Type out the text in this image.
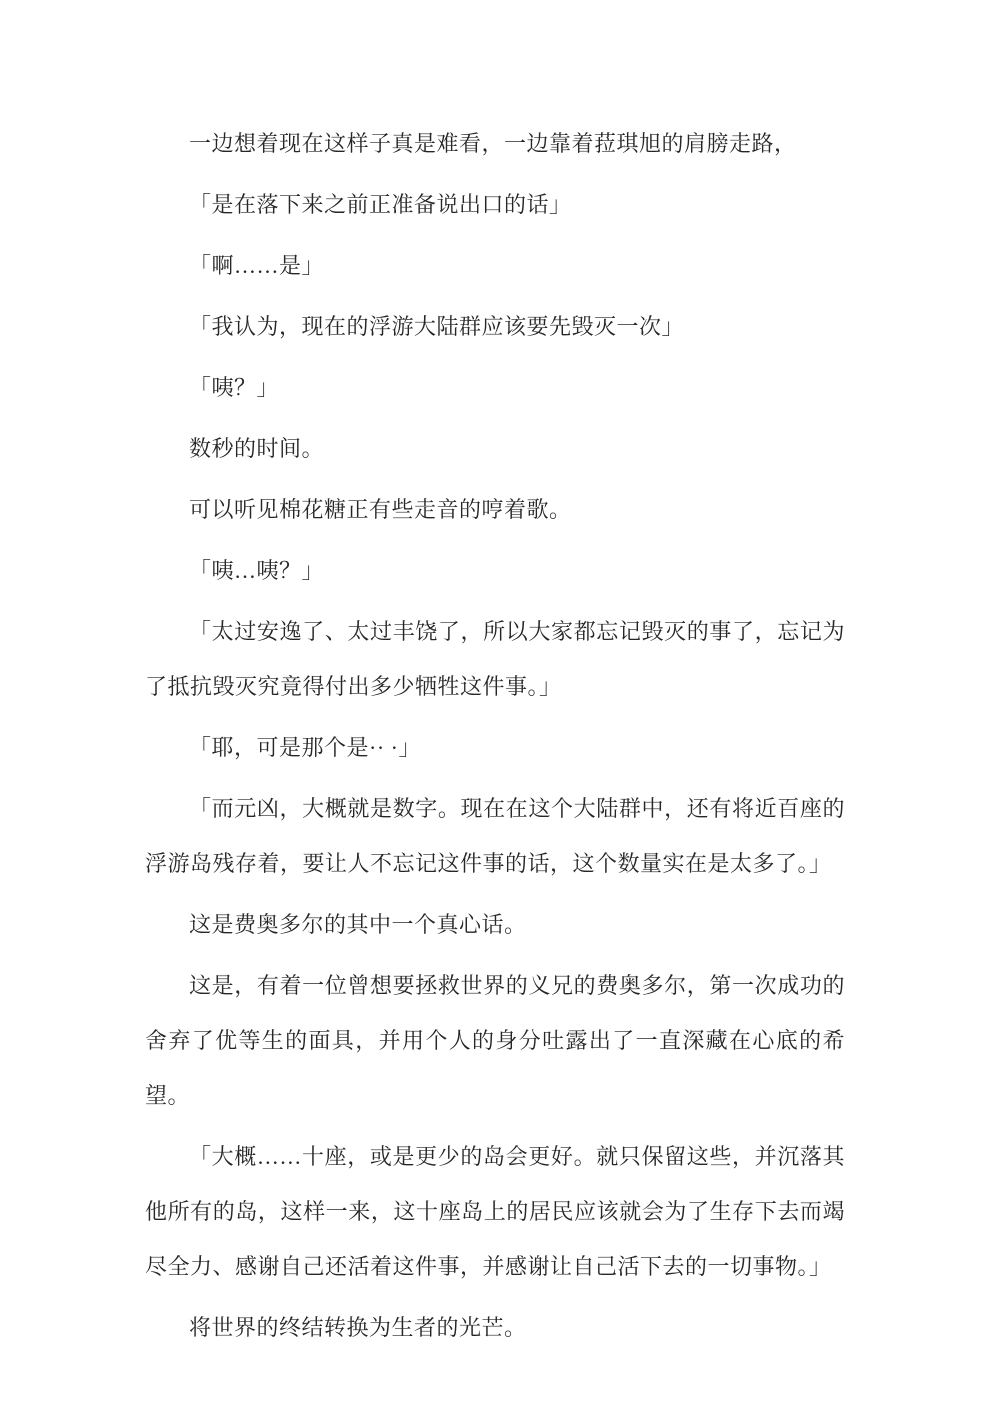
一边想着现在这样子真是难看，一边靠着菈琪旭的肩膀走路，

「是在落下来之前正准备说出口的话」

「啊……是」

「我认为，现在的浮游大陆群应该要先毁灭一次」

「咦？」

数秒的时间。

可以听见棉花糖正有些走音的哼着歌。

「咦…咦？」

「太过安逸了、太过丰饶了，所以大家都忘记毁灭的事了，忘记为了抵抗毁灭究竟得付出多少牺牲这件事。」

「耶，可是那个是·· ·」

「而元凶，大概就是数字。现在在这个大陆群中，还有将近百座的浮游岛残存着，要让人不忘记这件事的话，这个数量实在是太多了。」

这是费奥多尔的其中一个真心话。

这是，有着一位曾想要拯救世界的义兄的费奥多尔，第一次成功的舍弃了优等生的面具，并用个人的身分吐露出了一直深藏在心底的希望。

「大概……十座，或是更少的岛会更好。就只保留这些，并沉落其他所有的岛，这样一来，这十座岛上的居民应该就会为了生存下去而竭尽全力、感谢自己还活着这件事，并感谢让自己活下去的一切事物。」

将世界的终结转换为生者的光芒。
